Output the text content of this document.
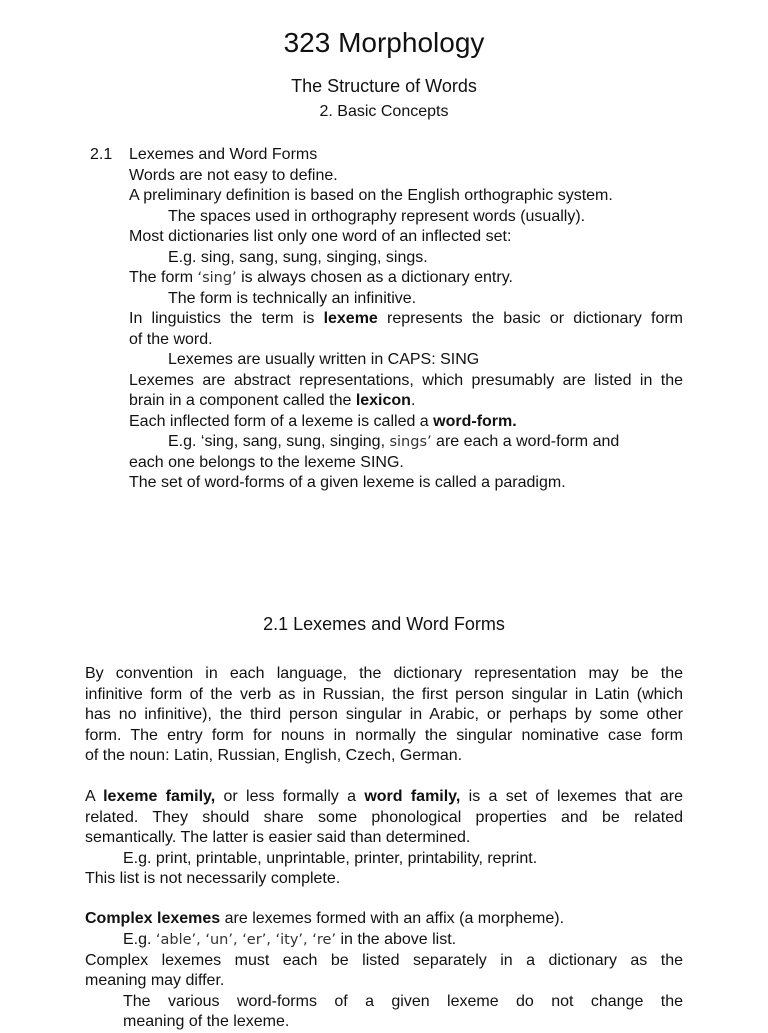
323 Morphology
The Structure of Words
2. Basic Concepts
2.1 Lexemes and Word Forms
Words are not easy to define.
A preliminary definition is based on the English orthographic system.
The spaces used in orthography represent words (usually).
Most dictionaries list only one word of an inflected set:
E.g. sing, sang, sung, singing, sings.
The form ‘sing’ is always chosen as a dictionary entry.
The form is technically an infinitive.
In linguistics the term is lexeme represents the basic or dictionary form
of the word.
Lexemes are usually written in CAPS: SING
Lexemes are abstract representations, which presumably are listed in the
brain in a component called the lexicon.
Each inflected form of a lexeme is called a word-form.
E.g. ‘sing, sang, sung, singing, sings’ are each a word-form and
each one belongs to the lexeme SING.
The set of word-forms of a given lexeme is called a paradigm.
2.1 Lexemes and Word Forms
By convention in each language, the dictionary representation may be the
infinitive form of the verb as in Russian, the first person singular in Latin (which
has no infinitive), the third person singular in Arabic, or perhaps by some other
form. The entry form for nouns in normally the singular nominative case form
of the noun: Latin, Russian, English, Czech, German.
A lexeme family, or less formally a word family, is a set of lexemes that are
related. They should share some phonological properties and be related
semantically. The latter is easier said than determined.
E.g. print, printable, unprintable, printer, printability, reprint.
This list is not necessarily complete.
Complex lexemes are lexemes formed with an affix (a morpheme).
E.g. ‘able’, ‘un’, ‘er’, ‘ity’, ‘re’ in the above list.
Complex lexemes must each be listed separately in a dictionary as the
meaning may differ.
The various word-forms of a given lexeme do not change the
meaning of the lexeme.
